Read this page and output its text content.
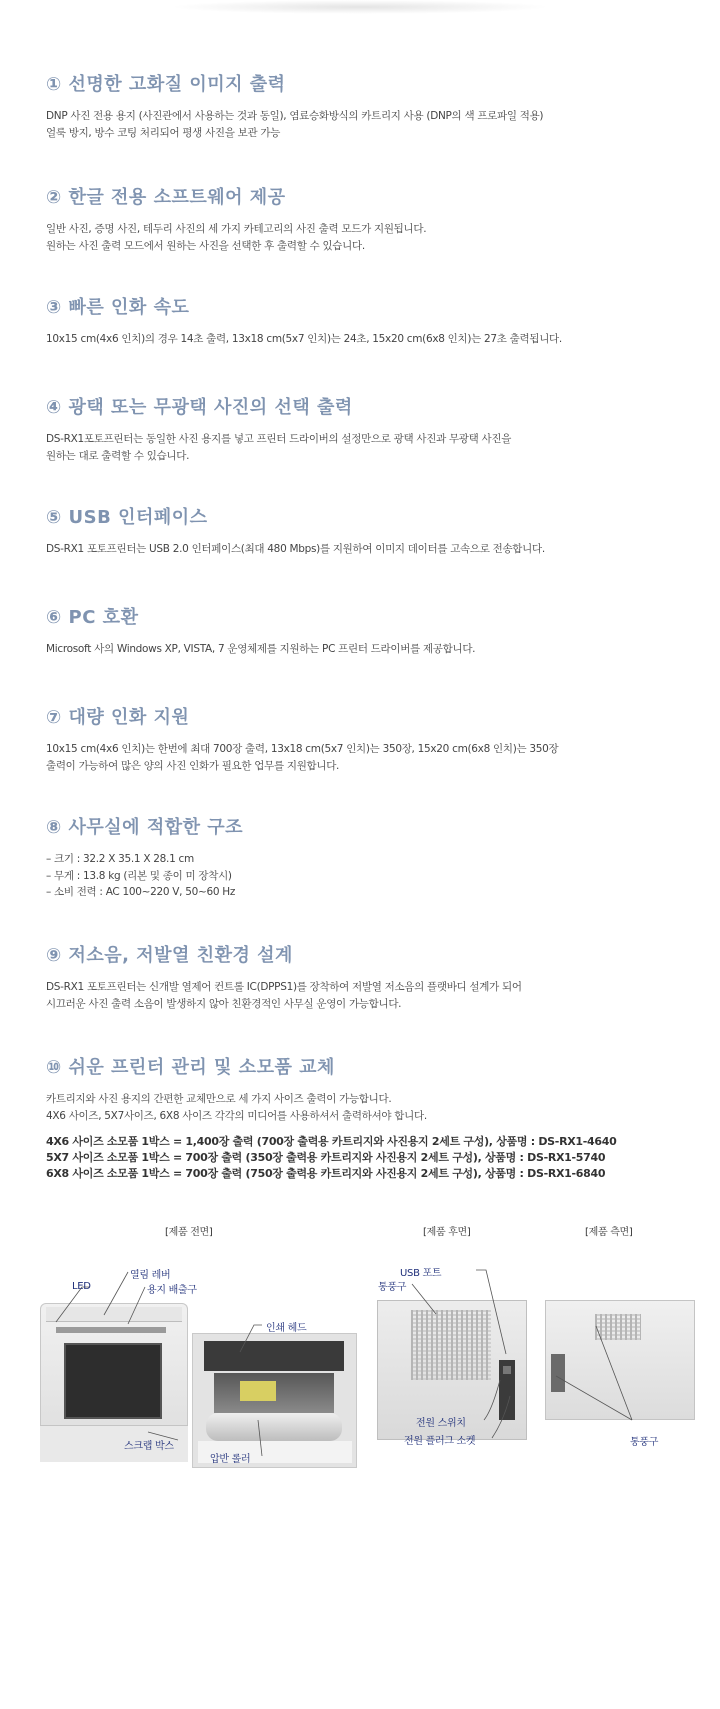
① 선명한 고화질 이미지 출력
DNP 사진 전용 용지 (사진관에서 사용하는 것과 동일), 염료승화방식의 카트리지 사용 (DNP의 색 프로파일 적용)
얼룩 방지, 방수 코팅 처리되어 평생 사진을 보관 가능
② 한글 전용 소프트웨어 제공
일반 사진, 증명 사진, 테두리 사진의 세 가지 카테고리의 사진 출력 모드가 지원됩니다.
원하는 사진 출력 모드에서 원하는 사진을 선택한 후 출력할 수 있습니다.
③ 빠른 인화 속도
10x15 cm(4x6 인치)의 경우 14초 출력, 13x18 cm(5x7 인치)는 24초, 15x20 cm(6x8 인치)는 27초 출력됩니다.
④ 광택 또는 무광택 사진의 선택 출력
DS-RX1포토프린터는 동일한 사진 용지를 넣고 프린터 드라이버의 설정만으로 광택 사진과 무광택 사진을
원하는 대로 출력할 수 있습니다.
⑤ USB 인터페이스
DS-RX1 포토프린터는 USB 2.0 인터페이스(최대 480 Mbps)를 지원하여 이미지 데이터를 고속으로 전송합니다.
⑥ PC 호환
Microsoft 사의 Windows XP, VISTA, 7 운영체제를 지원하는 PC 프린터 드라이버를 제공합니다.
⑦ 대량 인화 지원
10x15 cm(4x6 인치)는 한번에 최대 700장 출력, 13x18 cm(5x7 인치)는 350장, 15x20 cm(6x8 인치)는 350장
출력이 가능하여 많은 양의 사진 인화가 필요한 업무를 지원합니다.
⑧ 사무실에 적합한 구조
– 크기 : 32.2 X 35.1 X 28.1 cm
– 무게 : 13.8 kg (리본 및 종이 미 장착시)
– 소비 전력 : AC 100~220 V, 50~60 Hz
⑨ 저소음, 저발열 친환경 설계
DS-RX1 포토프린터는 신개발 열제어 컨트롤 IC(DPPS1)를 장착하여 저발열 저소음의 플랫바디 설계가 되어
시끄러운 사진 출력 소음이 발생하지 않아 친환경적인 사무실 운영이 가능합니다.
⑩ 쉬운 프린터 관리 및 소모품 교체
카트리지와 사진 용지의 간편한 교체만으로 세 가지 사이즈 출력이 가능합니다.
4X6 사이즈, 5X7사이즈, 6X8 사이즈 각각의 미디어를 사용하셔서 출력하셔야 합니다.
4X6 사이즈 소모품 1박스 = 1,400장 출력 (700장 출력용 카트리지와 사진용지 2세트 구성), 상품명 : DS-RX1-4640
5X7 사이즈 소모품 1박스 = 700장 출력 (350장 출력용 카트리지와 사진용지 2세트 구성), 상품명 : DS-RX1-5740
6X8 사이즈 소모품 1박스 = 700장 출력 (750장 출력용 카트리지와 사진용지 2세트 구성), 상품명 : DS-RX1-6840
[제품 전면]	[제품 후면]	[제품 측면]
LED
열림 레버
용지 배출구
인쇄 헤드
스크랩 박스
압반 롤러
USB 포트
통풍구
전원 스위치
전원 플러그 소켓	통풍구
